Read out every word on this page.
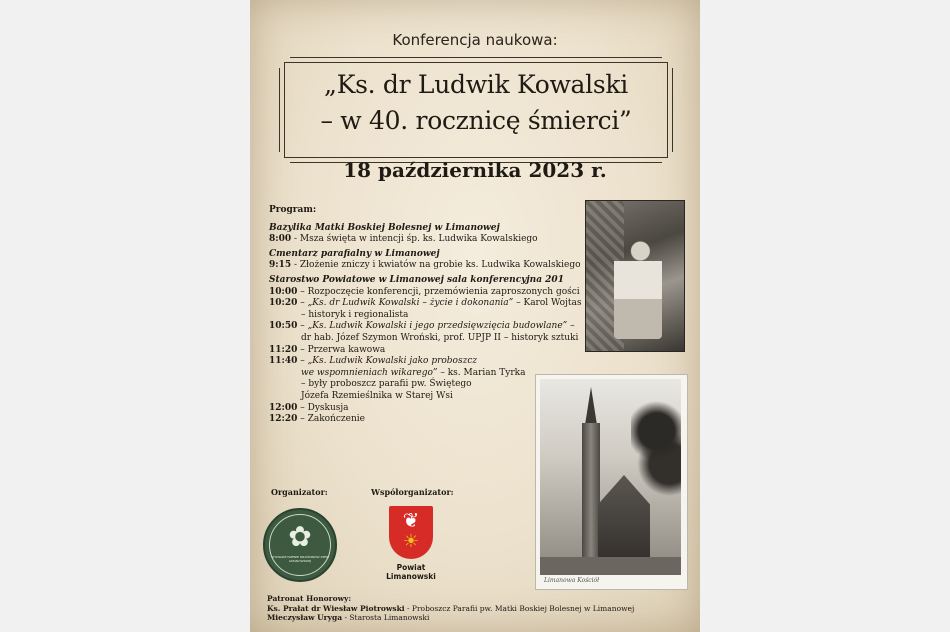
Konferencja naukowa:
„Ks. dr Ludwik Kowalski
– w 40. rocznicę śmierci”
18 października 2023 r.
Program:
Bazylika Matki Boskiej Bolesnej w Limanowej
8:00 - Msza święta w intencji śp. ks. Ludwika Kowalskiego
Cmentarz parafialny w Limanowej
9:15 - Złożenie zniczy i kwiatów na grobie ks. Ludwika Kowalskiego
Starostwo Powiatowe w Limanowej sala konferencyjna 201
10:00 – Rozpoczęcie konferencji, przemówienia zaproszonych gości
10:20 – „Ks. dr Ludwik Kowalski – życie i dokonania” – Karol Wojtas
– historyk i regionalista
10:50 – „Ks. Ludwik Kowalski i jego przedsięwzięcia budowlane” –
dr hab. Józef Szymon Wroński, prof. UPJP II – historyk sztuki
11:20 – Przerwa kawowa
11:40 – „Ks. Ludwik Kowalski jako proboszcz
we wspomnieniach wikarego” – ks. Marian Tyrka
– były proboszcz parafii pw. Świętego
Józefa Rzemieślnika w Starej Wsi
12:00 – Dyskusja
12:20 – Zakończenie
Limanowa Kościół
Organizator:	Współorganizator:
✿
STOWARZYSZENIE MIŁOŚNIKÓW ZIEMI LIMANOWSKIEJ
❦
☀
Powiat
Limanowski
Patronat Honorowy:
Ks. Prałat dr Wiesław Piotrowski - Proboszcz Parafii pw. Matki Boskiej Bolesnej w Limanowej
Mieczysław Uryga - Starosta Limanowski
